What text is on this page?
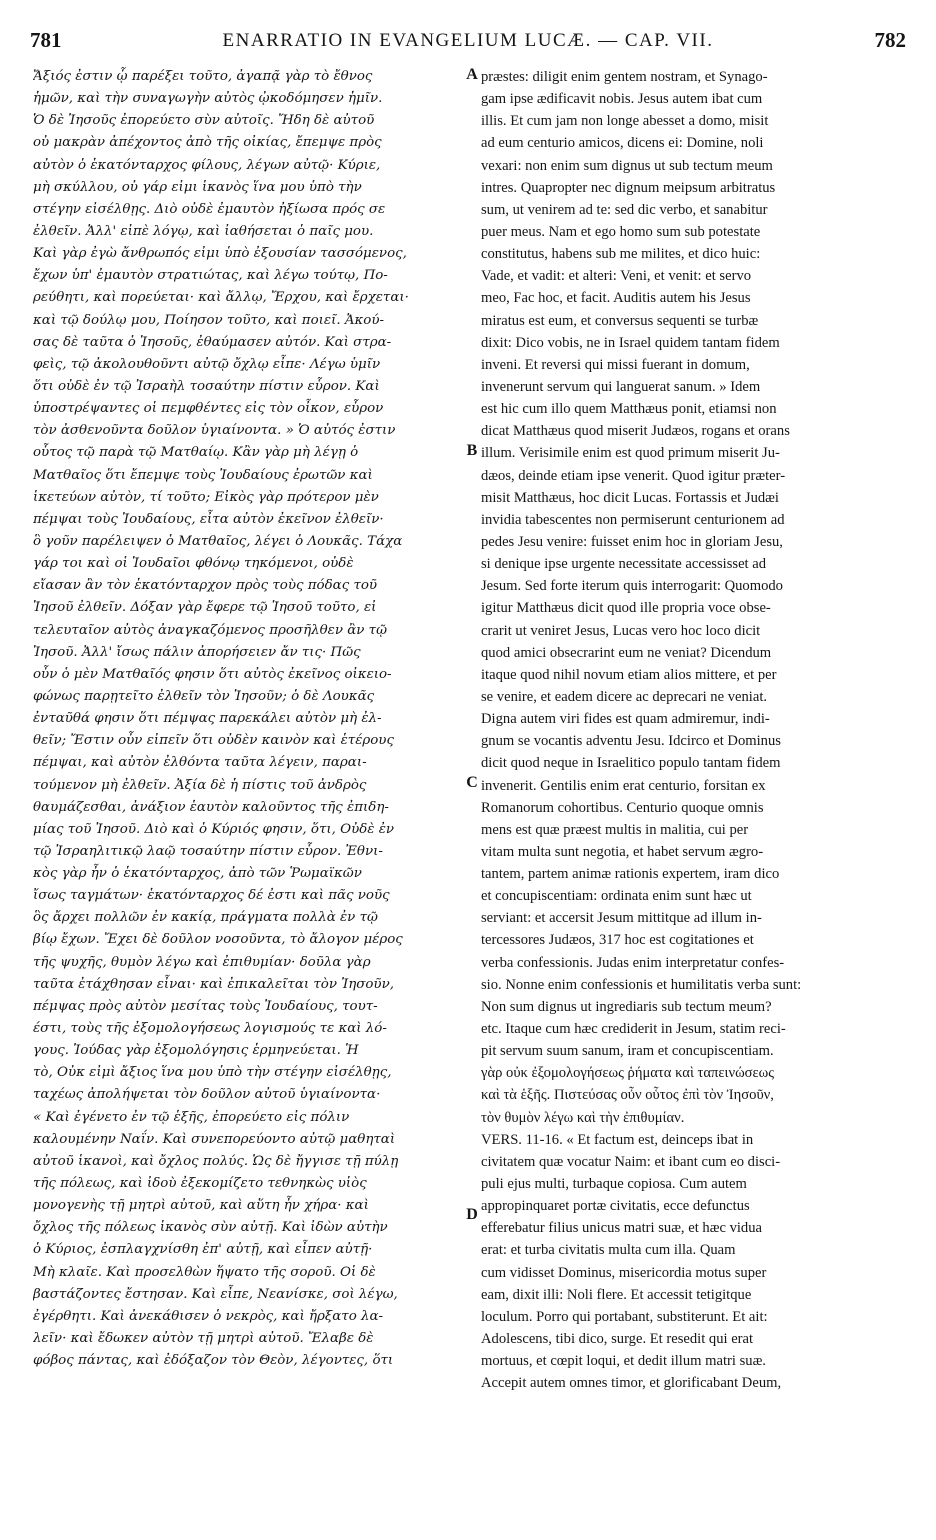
781	ENARRATIO IN EVANGELIUM LUCÆ. — CAP. VII.	782
Ἄξιός ἐστιν ᾧ παρέξει τοῦτο, ἀγαπᾷ γὰρ τὸ ἔθνος
ἡμῶν, καὶ τὴν συναγωγὴν αὐτὸς ᾠκοδόμησεν ἡμῖν.
Ὁ δὲ Ἰησοῦς ἐπορεύετο σὺν αὐτοῖς. Ἤδη δὲ αὐτοῦ
οὐ μακρὰν ἀπέχοντος ἀπὸ τῆς οἰκίας, ἔπεμψε πρὸς
αὐτὸν ὁ ἑκατόνταρχος φίλους, λέγων αὐτῷ· Κύριε,
μὴ σκύλλου, οὐ γάρ εἰμι ἱκανὸς ἵνα μου ὑπὸ τὴν
στέγην εἰσέλθῃς. Διὸ οὐδὲ ἐμαυτὸν ἠξίωσα πρός σε
ἐλθεῖν. Ἀλλ' εἰπὲ λόγῳ, καὶ ἰαθήσεται ὁ παῖς μου.
Καὶ γὰρ ἐγὼ ἄνθρωπός εἰμι ὑπὸ ἐξουσίαν τασσόμενος,
ἔχων ὑπ' ἐμαυτὸν στρατιώτας, καὶ λέγω τούτῳ, Πο-
ρεύθητι, καὶ πορεύεται· καὶ ἄλλῳ, Ἔρχου, καὶ ἔρχεται·
καὶ τῷ δούλῳ μου, Ποίησον τοῦτο, καὶ ποιεῖ. Ἀκού-
σας δὲ ταῦτα ὁ Ἰησοῦς, ἐθαύμασεν αὐτόν. Καὶ στρα-
φεὶς, τῷ ἀκολουθοῦντι αὐτῷ ὄχλῳ εἶπε· Λέγω ὑμῖν
ὅτι οὐδὲ ἐν τῷ Ἰσραὴλ τοσαύτην πίστιν εὗρον. Καὶ
ὑποστρέψαντες οἱ πεμφθέντες εἰς τὸν οἶκον, εὗρον
τὸν ἀσθενοῦντα δοῦλον ὑγιαίνοντα. » Ὁ αὐτός ἐστιν
οὗτος τῷ παρὰ τῷ Ματθαίῳ. Κἂν γὰρ μὴ λέγῃ ὁ
Ματθαῖος ὅτι ἔπεμψε τοὺς Ἰουδαίους ἐρωτῶν καὶ
ἱκετεύων αὐτὸν, τί τοῦτο; Εἰκὸς γὰρ πρότερον μὲν
πέμψαι τοὺς Ἰουδαίους, εἶτα αὐτὸν ἐκεῖνον ἐλθεῖν·
ὃ γοῦν παρέλειψεν ὁ Ματθαῖος, λέγει ὁ Λουκᾶς. Τάχα
γάρ τοι καὶ οἱ Ἰουδαῖοι φθόνῳ τηκόμενοι, οὐδὲ
εἴασαν ἂν τὸν ἑκατόνταρχον πρὸς τοὺς πόδας τοῦ
Ἰησοῦ ἐλθεῖν. Δόξαν γὰρ ἔφερε τῷ Ἰησοῦ τοῦτο, εἰ
τελευταῖον αὐτὸς ἀναγκαζόμενος προσῆλθεν ἂν τῷ
Ἰησοῦ. Ἀλλ' ἴσως πάλιν ἀπορήσειεν ἄν τις· Πῶς
οὖν ὁ μὲν Ματθαῖός φησιν ὅτι αὐτὸς ἐκεῖνος οἰκειο-
φώνως παρῃτεῖτο ἐλθεῖν τὸν Ἰησοῦν; ὁ δὲ Λουκᾶς
ἐνταῦθά φησιν ὅτι πέμψας παρεκάλει αὐτὸν μὴ ἐλ-
θεῖν; Ἔστιν οὖν εἰπεῖν ὅτι οὐδὲν καινὸν καὶ ἑτέρους
πέμψαι, καὶ αὐτὸν ἐλθόντα ταῦτα λέγειν, παραι-
τούμενον μὴ ἐλθεῖν. Ἀξία δὲ ἡ πίστις τοῦ ἀνδρὸς
θαυμάζεσθαι, ἀνάξιον ἑαυτὸν καλοῦντος τῆς ἐπιδη-
μίας τοῦ Ἰησοῦ. Διὸ καὶ ὁ Κύριός φησιν, ὅτι, Οὐδὲ ἐν
τῷ Ἰσραηλιτικῷ λαῷ τοσαύτην πίστιν εὗρον. Ἐθνι-
κὸς γὰρ ἦν ὁ ἑκατόνταρχος, ἀπὸ τῶν Ῥωμαϊκῶν
ἴσως ταγμάτων· ἑκατόνταρχος δέ ἐστι καὶ πᾶς νοῦς
ὃς ἄρχει πολλῶν ἐν κακίᾳ, πράγματα πολλὰ ἐν τῷ
βίῳ ἔχων. Ἔχει δὲ δοῦλον νοσοῦντα, τὸ ἄλογον μέρος
τῆς ψυχῆς, θυμὸν λέγω καὶ ἐπιθυμίαν· δοῦλα γὰρ
ταῦτα ἐτάχθησαν εἶναι· καὶ ἐπικαλεῖται τὸν Ἰησοῦν,
πέμψας πρὸς αὐτὸν μεσίτας τοὺς Ἰουδαίους, τουτ-
έστι, τοὺς τῆς ἐξομολογήσεως λογισμούς τε καὶ λό-
γους. Ἰούδας γὰρ ἐξομολόγησις ἑρμηνεύεται. Ἡ
τὸ, Οὐκ εἰμὶ ἄξιος ἵνα μου ὑπὸ τὴν στέγην εἰσέλθῃς,
ταχέως ἀπολήψεται τὸν δοῦλον αὐτοῦ ὑγιαίνοντα·
« Καὶ ἐγένετο ἐν τῷ ἑξῆς, ἐπορεύετο εἰς πόλιν
καλουμένην Ναΐν. Καὶ συνεπορεύοντο αὐτῷ μαθηταὶ
αὐτοῦ ἱκανοὶ, καὶ ὄχλος πολύς. Ὡς δὲ ἤγγισε τῇ πύλῃ
τῆς πόλεως, καὶ ἰδοὺ ἐξεκομίζετο τεθνηκὼς υἱὸς
μονογενὴς τῇ μητρὶ αὐτοῦ, καὶ αὕτη ἦν χήρα· καὶ
ὄχλος τῆς πόλεως ἱκανὸς σὺν αὐτῇ. Καὶ ἰδὼν αὐτὴν
ὁ Κύριος, ἐσπλαγχνίσθη ἐπ' αὐτῇ, καὶ εἶπεν αὐτῇ·
Μὴ κλαῖε. Καὶ προσελθὼν ἥψατο τῆς σοροῦ. Οἱ δὲ
βαστάζοντες ἔστησαν. Καὶ εἶπε, Νεανίσκε, σοὶ λέγω,
ἐγέρθητι. Καὶ ἀνεκάθισεν ὁ νεκρὸς, καὶ ἤρξατο λα-
λεῖν· καὶ ἔδωκεν αὐτὸν τῇ μητρὶ αὐτοῦ. Ἔλαβε δὲ
φόβος πάντας, καὶ ἐδόξαζον τὸν Θεὸν, λέγοντες, ὅτι
A
B
C
D
præstes: diligit enim gentem nostram, et Synago-
gam ipse ædificavit nobis. Jesus autem ibat cum
illis. Et cum jam non longe abesset a domo, misit
ad eum centurio amicos, dicens ei: Domine, noli
vexari: non enim sum dignus ut sub tectum meum
intres. Quapropter nec dignum meipsum arbitratus
sum, ut venirem ad te: sed dic verbo, et sanabitur
puer meus. Nam et ego homo sum sub potestate
constitutus, habens sub me milites, et dico huic:
Vade, et vadit: et alteri: Veni, et venit: et servo
meo, Fac hoc, et facit. Auditis autem his Jesus
miratus est eum, et conversus sequenti se turbæ
dixit: Dico vobis, ne in Israel quidem tantam fidem
inveni. Et reversi qui missi fuerant in domum,
invenerunt servum qui languerat sanum. » Idem
est hic cum illo quem Matthæus ponit, etiamsi non
dicat Matthæus quod miserit Judæos, rogans et orans
illum. Verisimile enim est quod primum miserit Ju-
dæos, deinde etiam ipse venerit. Quod igitur præter-
misit Matthæus, hoc dicit Lucas. Fortassis et Judæi
invidia tabescentes non permiserunt centurionem ad
pedes Jesu venire: fuisset enim hoc in gloriam Jesu,
si denique ipse urgente necessitate accessisset ad
Jesum. Sed forte iterum quis interrogarit: Quomodo
igitur Matthæus dicit quod ille propria voce obse-
crarit ut veniret Jesus, Lucas vero hoc loco dicit
quod amici obsecrarint eum ne veniat? Dicendum
itaque quod nihil novum etiam alios mittere, et per
se venire, et eadem dicere ac deprecari ne veniat.
Digna autem viri fides est quam admiremur, indi-
gnum se vocantis adventu Jesu. Idcirco et Dominus
dicit quod neque in Israelitico populo tantam fidem
invenerit. Gentilis enim erat centurio, forsitan ex
Romanorum cohortibus. Centurio quoque omnis
mens est quæ præest multis in malitia, cui per
vitam multa sunt negotia, et habet servum ægro-
tantem, partem animæ rationis expertem, iram dico
et concupiscentiam: ordinata enim sunt hæc ut
serviant: et accersit Jesum mittitque ad illum in-
tercessores Judæos, 317 hoc est cogitationes et
verba confessionis. Judas enim interpretatur confes-
sio. Nonne enim confessionis et humilitatis verba sunt:
Non sum dignus ut ingrediaris sub tectum meum?
etc. Itaque cum hæc crediderit in Jesum, statim reci-
pit servum suum sanum, iram et concupiscentiam.
γὰρ οὐκ ἐξομολογήσεως ῥήματα καὶ ταπεινώσεως
καὶ τὰ ἑξῆς. Πιστεύσας οὖν οὗτος ἐπὶ τὸν Ἰησοῦν,
τὸν θυμὸν λέγω καὶ τὴν ἐπιθυμίαν.
VERS. 11-16. « Et factum est, deinceps ibat in
civitatem quæ vocatur Naim: et ibant cum eo disci-
puli ejus multi, turbaque copiosa. Cum autem
appropinquaret portæ civitatis, ecce defunctus
efferebatur filius unicus matri suæ, et hæc vidua
erat: et turba civitatis multa cum illa. Quam
cum vidisset Dominus, misericordia motus super
eam, dixit illi: Noli flere. Et accessit tetigitque
loculum. Porro qui portabant, substiterunt. Et ait:
Adolescens, tibi dico, surge. Et resedit qui erat
mortuus, et cœpit loqui, et dedit illum matri suæ.
Accepit autem omnes timor, et glorificabant Deum,
